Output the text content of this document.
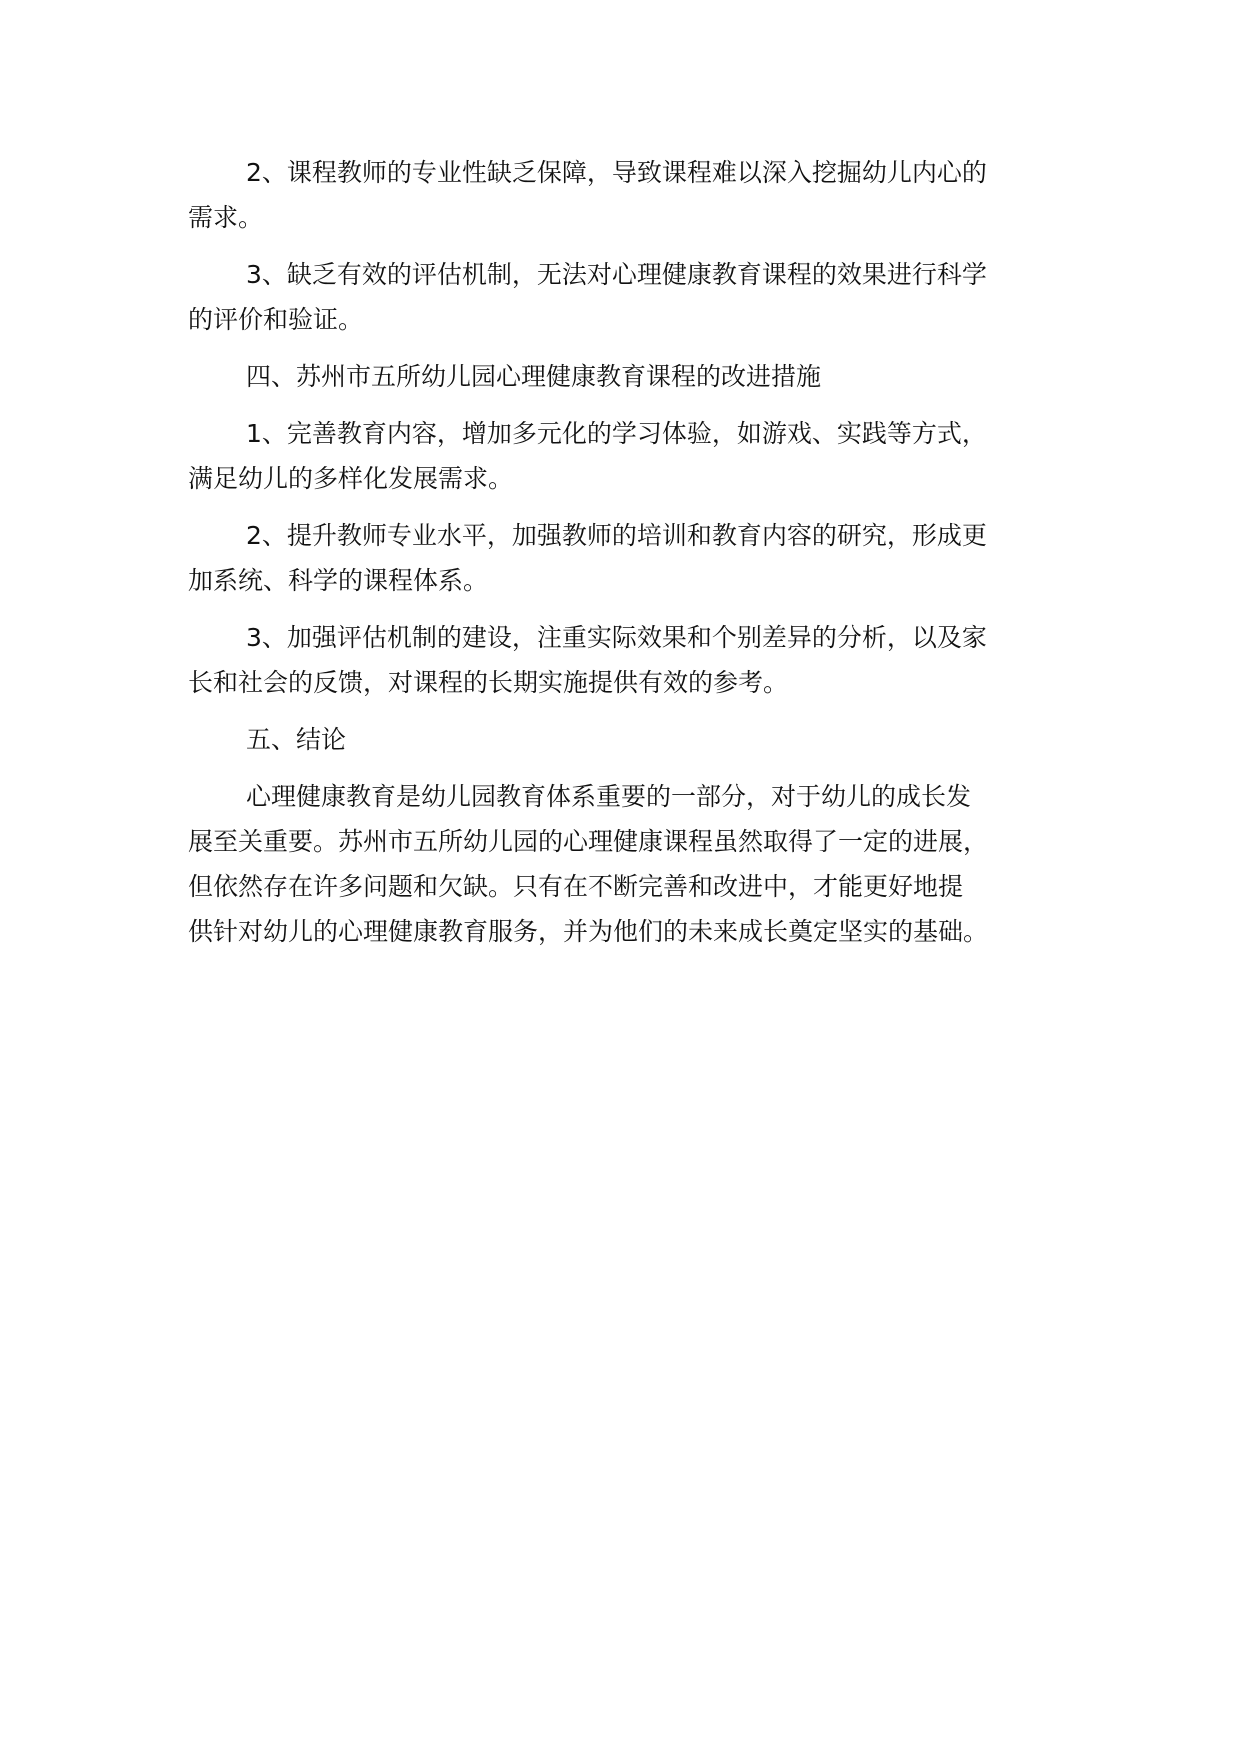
2、课程教师的专业性缺乏保障，导致课程难以深入挖掘幼儿内心的
需求。

3、缺乏有效的评估机制，无法对心理健康教育课程的效果进行科学
的评价和验证。

四、苏州市五所幼儿园心理健康教育课程的改进措施

1、完善教育内容，增加多元化的学习体验，如游戏、实践等方式，
满足幼儿的多样化发展需求。

2、提升教师专业水平，加强教师的培训和教育内容的研究，形成更
加系统、科学的课程体系。

3、加强评估机制的建设，注重实际效果和个别差异的分析，以及家
长和社会的反馈，对课程的长期实施提供有效的参考。

五、结论

心理健康教育是幼儿园教育体系重要的一部分，对于幼儿的成长发
展至关重要。苏州市五所幼儿园的心理健康课程虽然取得了一定的进展，
但依然存在许多问题和欠缺。只有在不断完善和改进中，才能更好地提
供针对幼儿的心理健康教育服务，并为他们的未来成长奠定坚实的基础。
